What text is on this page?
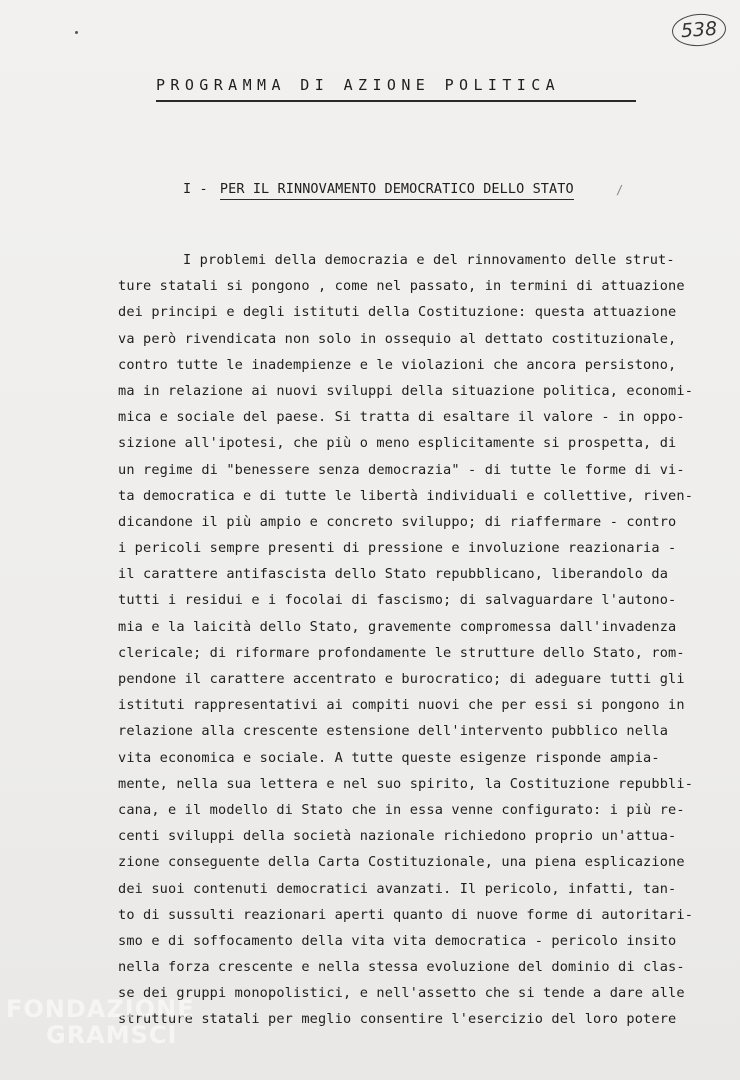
538
PROGRAMMA DI AZIONE POLITICA
I - PER IL RINNOVAMENTO DEMOCRATICO DELLO STATO	/
I problemi della democrazia e del rinnovamento delle strut-
ture statali si pongono , come nel passato, in termini di attuazione
dei principi e degli istituti della Costituzione: questa attuazione
va però rivendicata non solo in ossequio al dettato costituzionale,
contro tutte le inadempienze e le violazioni che ancora persistono,
ma in relazione ai nuovi sviluppi della situazione politica, economi-
mica e sociale del paese. Si tratta di esaltare il valore - in oppo-
sizione all'ipotesi, che più o meno esplicitamente si prospetta, di
un regime di "benessere senza democrazia" - di tutte le forme di vi-
ta democratica e di tutte le libertà individuali e collettive, riven-
dicandone il più ampio e concreto sviluppo; di riaffermare - contro
i pericoli sempre presenti di pressione e involuzione reazionaria -
il carattere antifascista dello Stato repubblicano, liberandolo da
tutti i residui e i focolai di fascismo; di salvaguardare l'autono-
mia e la laicità dello Stato, gravemente compromessa dall'invadenza
clericale; di riformare profondamente le strutture dello Stato, rom-
pendone il carattere accentrato e burocratico; di adeguare tutti gli
istituti rappresentativi ai compiti nuovi che per essi si pongono in
relazione alla crescente estensione dell'intervento pubblico nella
vita economica e sociale. A tutte queste esigenze risponde ampia-
mente, nella sua lettera e nel suo spirito, la Costituzione repubbli-
cana, e il modello di Stato che in essa venne configurato: i più re-
centi sviluppi della società nazionale richiedono proprio un'attua-
zione conseguente della Carta Costituzionale, una piena esplicazione
dei suoi contenuti democratici avanzati. Il pericolo, infatti, tan-
to di sussulti reazionari aperti quanto di nuove forme di autoritari-
smo e di soffocamento della vita vita democratica - pericolo insito
nella forza crescente e nella stessa evoluzione del dominio di clas-
se dei gruppi monopolistici, e nell'assetto che si tende a dare alle
strutture statali per meglio consentire l'esercizio del loro potere
FONDAZIONE
GRAMSCI
